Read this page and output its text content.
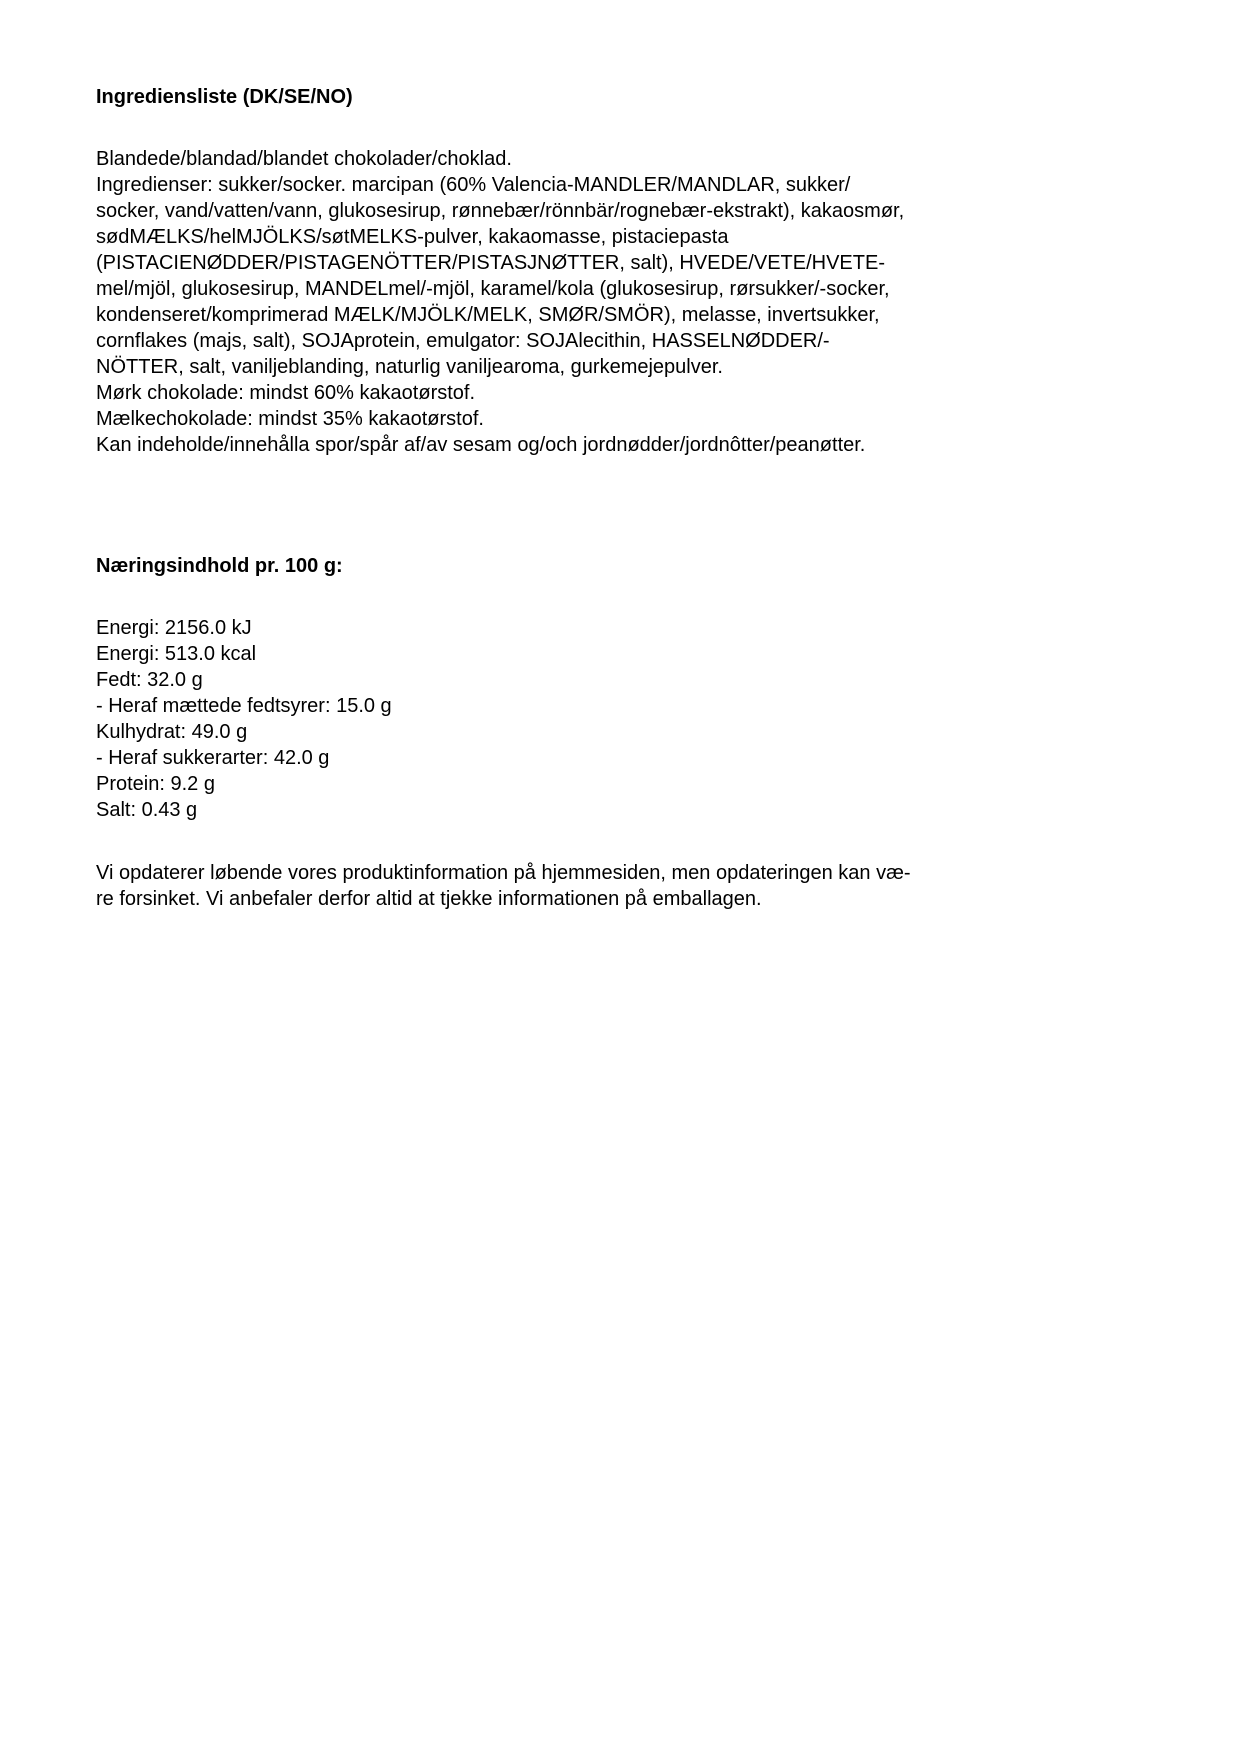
Ingrediensliste (DK/SE/NO)
Blandede/blandad/blandet chokolader/choklad.
Ingredienser: sukker/socker. marcipan (60% Valencia-MANDLER/MANDLAR, sukker/
socker, vand/vatten/vann, glukosesirup, rønnebær/rönnbär/rognebær-ekstrakt), kakaosmør,
sødMÆLKS/helMJÖLKS/søtMELKS-pulver, kakaomasse, pistaciepasta
(PISTACIENØDDER/PISTAGENÖTTER/PISTASJNØTTER, salt), HVEDE/VETE/HVETE-
mel/mjöl, glukosesirup, MANDELmel/-mjöl, karamel/kola (glukosesirup, rørsukker/-socker,
kondenseret/komprimerad MÆLK/MJÖLK/MELK, SMØR/SMÖR), melasse, invertsukker,
cornflakes (majs, salt), SOJAprotein, emulgator: SOJAlecithin, HASSELNØDDER/-
NÖTTER, salt, vaniljeblanding, naturlig vaniljearoma, gurkemejepulver.
Mørk chokolade: mindst 60% kakaotørstof.
Mælkechokolade: mindst 35% kakaotørstof.
Kan indeholde/innehålla spor/spår af/av sesam og/och jordnødder/jordnôtter/peanøtter.
Næringsindhold pr. 100 g:
Energi: 2156.0 kJ
Energi: 513.0 kcal
Fedt: 32.0 g
- Heraf mættede fedtsyrer: 15.0 g
Kulhydrat: 49.0 g
- Heraf sukkerarter: 42.0 g
Protein: 9.2 g
Salt: 0.43 g
Vi opdaterer løbende vores produktinformation på hjemmesiden, men opdateringen kan væ-
re forsinket. Vi anbefaler derfor altid at tjekke informationen på emballagen.
